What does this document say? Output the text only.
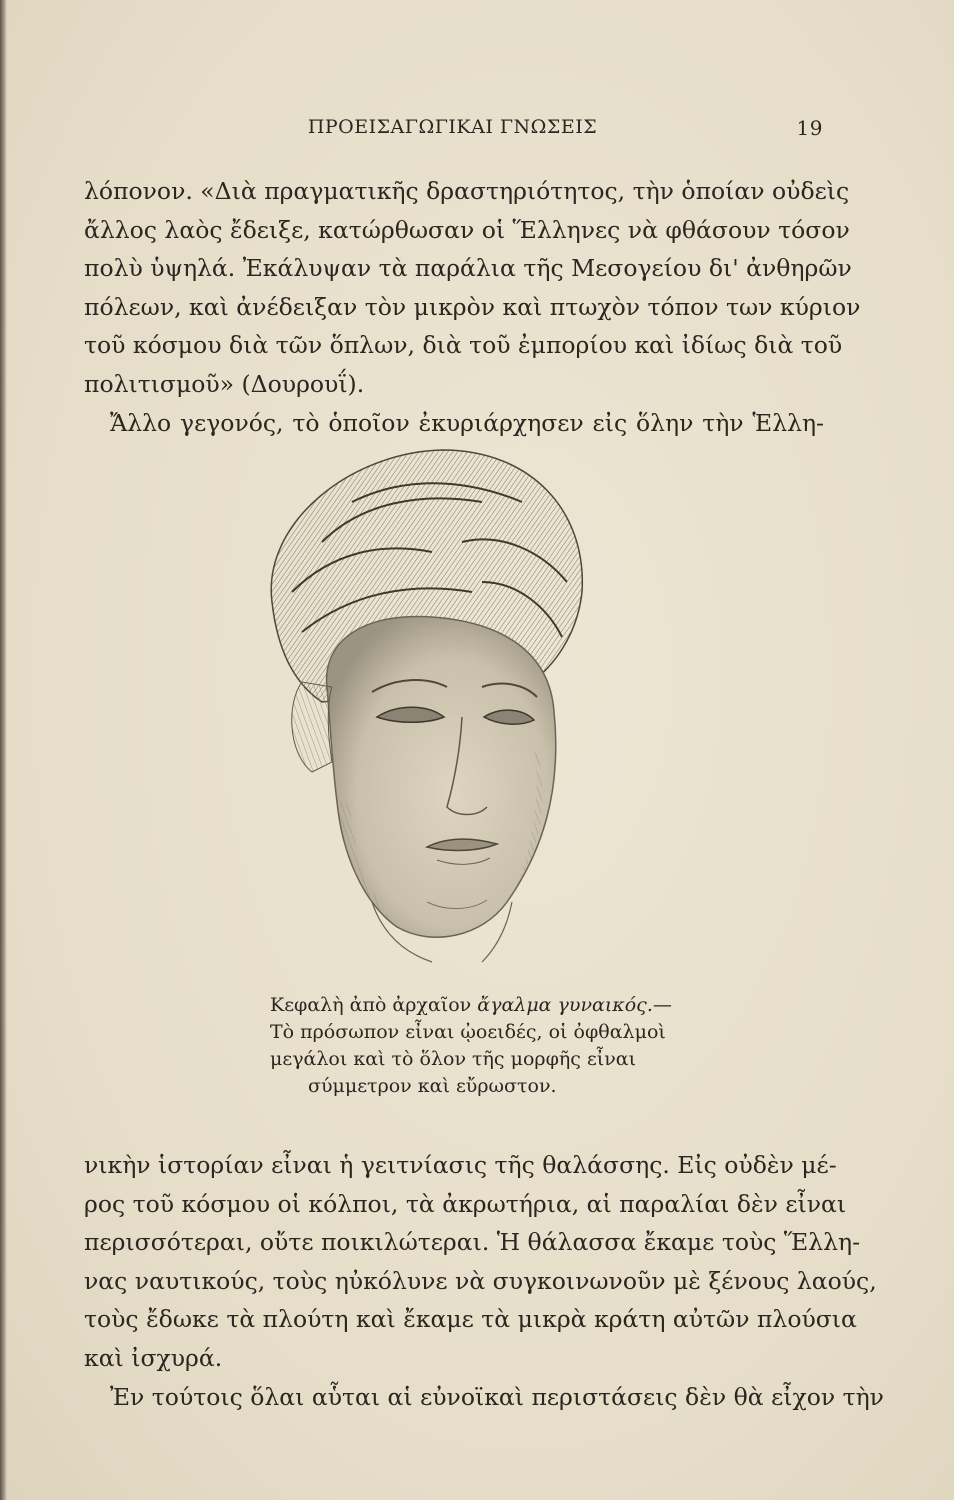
ΠΡΟΕΙΣΑΓΩΓΙΚΑΙ ΓΝΩΣΕΙΣ	19
λόπονον. «Διὰ πραγματικῆς δραστηριότητος, τὴν ὁποίαν οὐδεὶς
ἄλλος λαὸς ἔδειξε, κατώρθωσαν οἱ Ἕλληνες νὰ φθάσουν τόσον
πολὺ ὑψηλά. Ἐκάλυψαν τὰ παράλια τῆς Μεσογείου δι' ἀνθηρῶν
πόλεων, καὶ ἀνέδειξαν τὸν μικρὸν καὶ πτωχὸν τόπον των κύριον
τοῦ κόσμου διὰ τῶν ὅπλων, διὰ τοῦ ἐμπορίου καὶ ἰδίως διὰ τοῦ
πολιτισμοῦ» (Δουρουΐ).
Ἄλλο γεγονός, τὸ ὁποῖον ἐκυριάρχησεν εἰς ὅλην τὴν Ἑλλη-
Κεφαλὴ ἀπὸ ἀρχαῖον ἄγαλμα γυναικός.—
Τὸ πρόσωπον εἶναι ᾠοειδές, οἱ ὀφθαλμοὶ
μεγάλοι καὶ τὸ ὅλον τῆς μορφῆς εἶναι
σύμμετρον καὶ εὔρωστον.
νικὴν ἱστορίαν εἶναι ἡ γειτνίασις τῆς θαλάσσης. Εἰς οὐδὲν μέ-
ρος τοῦ κόσμου οἱ κόλποι, τὰ ἀκρωτήρια, αἱ παραλίαι δὲν εἶναι
περισσότεραι, οὔτε ποικιλώτεραι. Ἡ θάλασσα ἔκαμε τοὺς Ἕλλη-
νας ναυτικούς, τοὺς ηὐκόλυνε νὰ συγκοινωνοῦν μὲ ξένους λαούς,
τοὺς ἔδωκε τὰ πλούτη καὶ ἔκαμε τὰ μικρὰ κράτη αὐτῶν πλούσια
καὶ ἰσχυρά.
Ἐν τούτοις ὅλαι αὗται αἱ εὐνοϊκαὶ περιστάσεις δὲν θὰ εἶχον τὴν
